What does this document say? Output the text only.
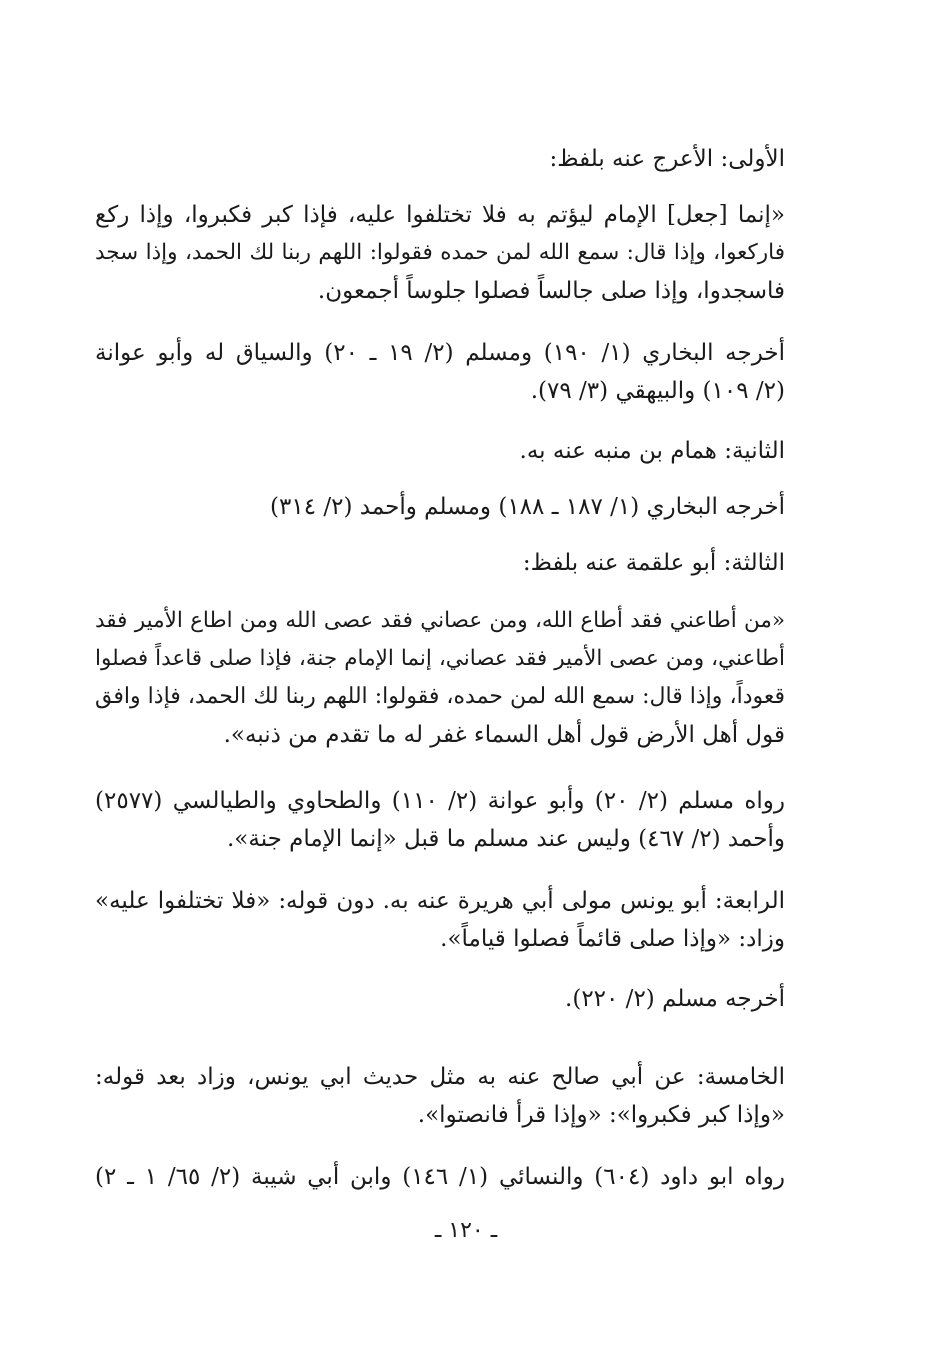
الأولى: الأعرج عنه بلفظ:
«إنما [جعل] الإمام ليؤتم به فلا تختلفوا عليه، فإذا كبر فكبروا، وإذا ركع
فاركعوا، وإذا قال: سمع الله لمن حمده فقولوا: اللهم ربنا لك الحمد، وإذا سجد
فاسجدوا، وإذا صلى جالساً فصلوا جلوساً أجمعون.
أخرجه البخاري (١/ ١٩٠) ومسلم (٢/ ١٩ ـ ٢٠) والسياق له وأبو عوانة
(٢/ ١٠٩) والبيهقي (٣/ ٧٩).
الثانية: همام بن منبه عنه به.
أخرجه البخاري (١/ ١٨٧ ـ ١٨٨) ومسلم وأحمد (٢/ ٣١٤)
الثالثة: أبو علقمة عنه بلفظ:
«من أطاعني فقد أطاع الله، ومن عصاني فقد عصى الله ومن اطاع الأمير فقد
أطاعني، ومن عصى الأمير فقد عصاني، إنما الإمام جنة، فإذا صلى قاعداً فصلوا
قعوداً، وإذا قال: سمع الله لمن حمده، فقولوا: اللهم ربنا لك الحمد، فإذا وافق
قول أهل الأرض قول أهل السماء غفر له ما تقدم من ذنبه».
رواه مسلم (٢/ ٢٠) وأبو عوانة (٢/ ١١٠) والطحاوي والطيالسي (٢٥٧٧)
وأحمد (٢/ ٤٦٧) وليس عند مسلم ما قبل «إنما الإمام جنة».
الرابعة: أبو يونس مولى أبي هريرة عنه به. دون قوله: «فلا تختلفوا عليه»
وزاد: «وإذا صلى قائماً فصلوا قياماً».
أخرجه مسلم (٢/ ٢٢٠).
الخامسة: عن أبي صالح عنه به مثل حديث ابي يونس، وزاد بعد قوله:
«وإذا كبر فكبروا»: «وإذا قرأ فانصتوا».
رواه ابو داود (٦٠٤) والنسائي (١/ ١٤٦) وابن أبي شيبة (٢/ ٦٥/ ١ ـ ٢)
ـ ١٢٠ ـ
